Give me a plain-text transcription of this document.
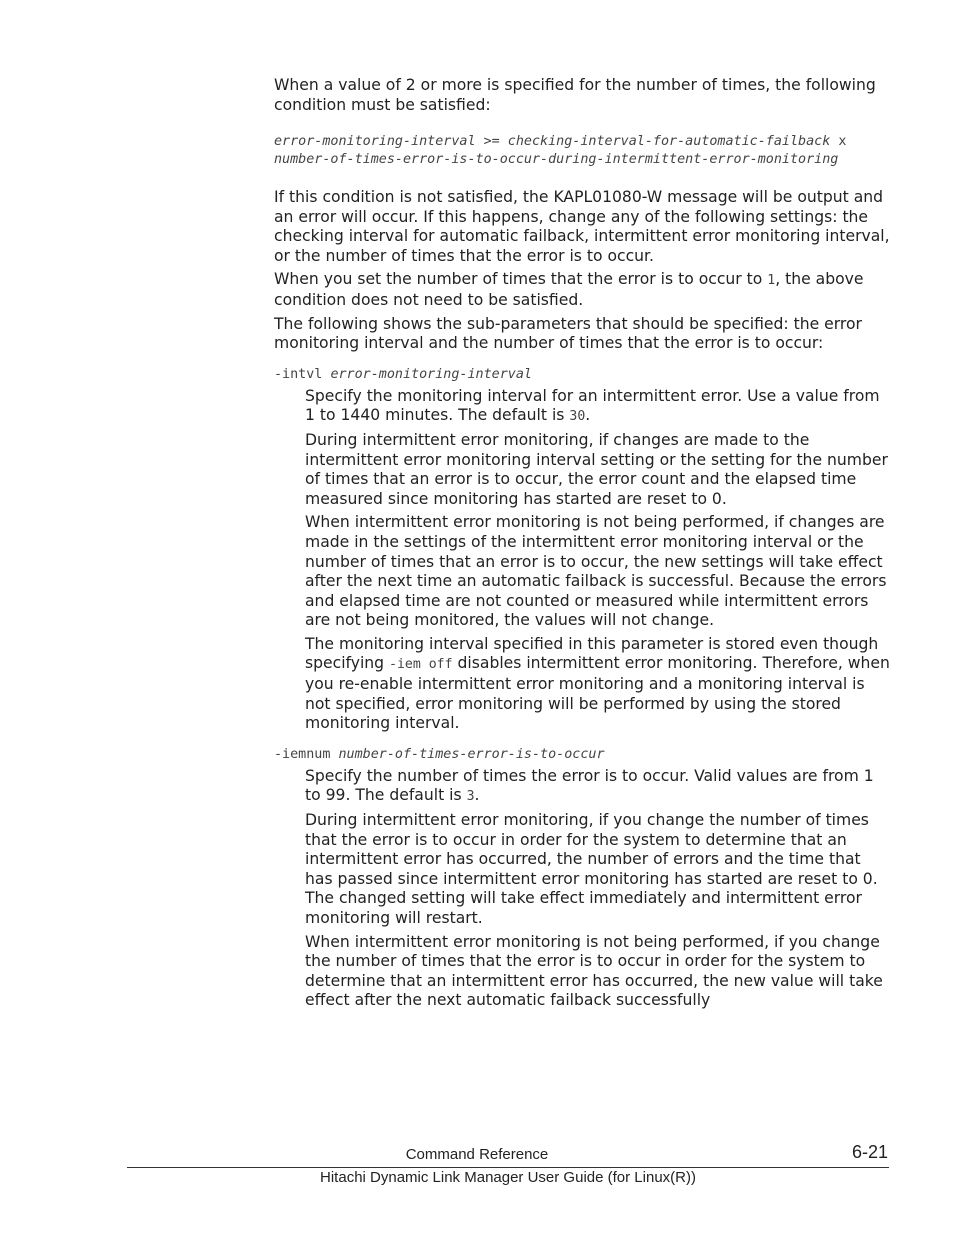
When a value of 2 or more is specified for the number of times, the following condition must be satisfied:

error-monitoring-interval >= checking-interval-for-automatic-failback x number-of-times-error-is-to-occur-during-intermittent-error-monitoring

If this condition is not satisfied, the KAPL01080-W message will be output and an error will occur. If this happens, change any of the following settings: the checking interval for automatic failback, intermittent error monitoring interval, or the number of times that the error is to occur.

When you set the number of times that the error is to occur to 1, the above condition does not need to be satisfied.

The following shows the sub-parameters that should be specified: the error monitoring interval and the number of times that the error is to occur:

-intvl error-monitoring-interval

Specify the monitoring interval for an intermittent error. Use a value from 1 to 1440 minutes. The default is 30.

During intermittent error monitoring, if changes are made to the intermittent error monitoring interval setting or the setting for the number of times that an error is to occur, the error count and the elapsed time measured since monitoring has started are reset to 0.

When intermittent error monitoring is not being performed, if changes are made in the settings of the intermittent error monitoring interval or the number of times that an error is to occur, the new settings will take effect after the next time an automatic failback is successful. Because the errors and elapsed time are not counted or measured while intermittent errors are not being monitored, the values will not change.

The monitoring interval specified in this parameter is stored even though specifying -iem off disables intermittent error monitoring. Therefore, when you re-enable intermittent error monitoring and a monitoring interval is not specified, error monitoring will be performed by using the stored monitoring interval.

-iemnum number-of-times-error-is-to-occur

Specify the number of times the error is to occur. Valid values are from 1 to 99. The default is 3.

During intermittent error monitoring, if you change the number of times that the error is to occur in order for the system to determine that an intermittent error has occurred, the number of errors and the time that has passed since intermittent error monitoring has started are reset to 0. The changed setting will take effect immediately and intermittent error monitoring will restart.

When intermittent error monitoring is not being performed, if you change the number of times that the error is to occur in order for the system to determine that an intermittent error has occurred, the new value will take effect after the next automatic failback successfully

Command Reference	6-21
Hitachi Dynamic Link Manager User Guide (for Linux(R))
